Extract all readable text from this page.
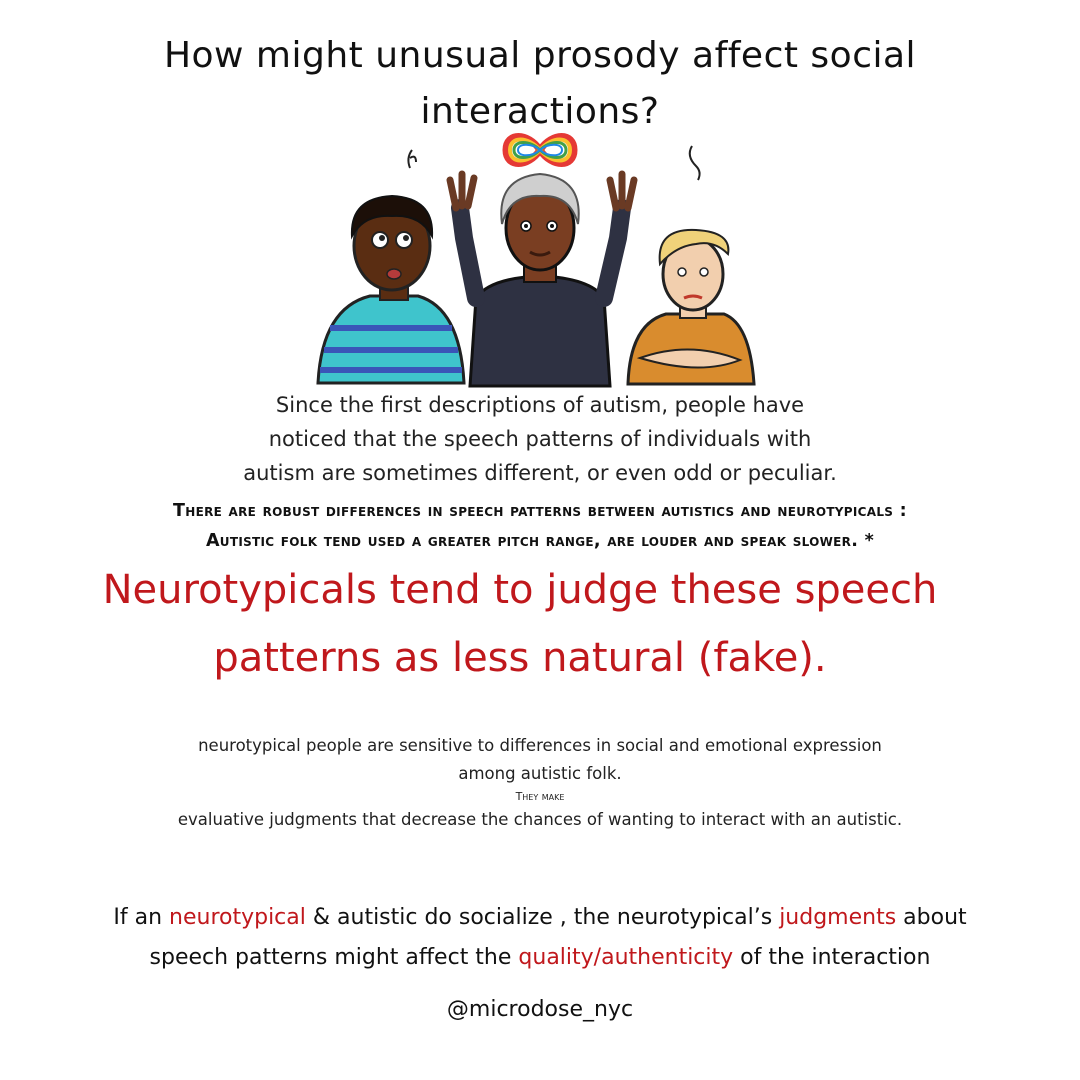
How might unusual prosody affect social
interactions?
Since the first descriptions of autism, people have
noticed that the speech patterns of individuals with
autism are sometimes different, or even odd or peculiar.
There are robust differences in speech patterns between autistics and neurotypicals :
Autistic folk tend used a greater pitch range, are louder and speak slower. *
Neurotypicals tend to judge these speech
patterns as less natural (fake).
neurotypical people are sensitive to differences in social and emotional expression
among autistic folk.
They make
evaluative judgments that decrease the chances of wanting to interact with an autistic.
If an neurotypical & autistic do socialize , the neurotypical’s judgments about
speech patterns might affect the quality/authenticity of the interaction
@microdose_nyc
